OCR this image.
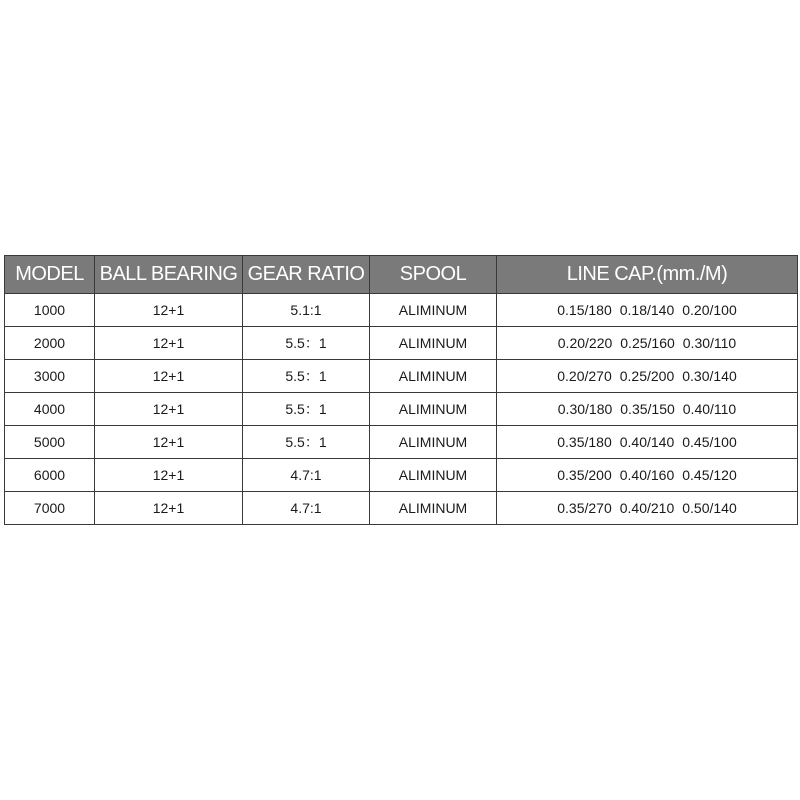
MODEL	BALL BEARING	GEAR RATIO	SPOOL	LINE CAP.(mm./M)
1000	12+1	5.1:1	ALIMINUM	0.15/180 0.18/140 0.20/100
2000	12+1	5.5：1	ALIMINUM	0.20/220 0.25/160 0.30/110
3000	12+1	5.5：1	ALIMINUM	0.20/270 0.25/200 0.30/140
4000	12+1	5.5：1	ALIMINUM	0.30/180 0.35/150 0.40/110
5000	12+1	5.5：1	ALIMINUM	0.35/180 0.40/140 0.45/100
6000	12+1	4.7:1	ALIMINUM	0.35/200 0.40/160 0.45/120
7000	12+1	4.7:1	ALIMINUM	0.35/270 0.40/210 0.50/140
